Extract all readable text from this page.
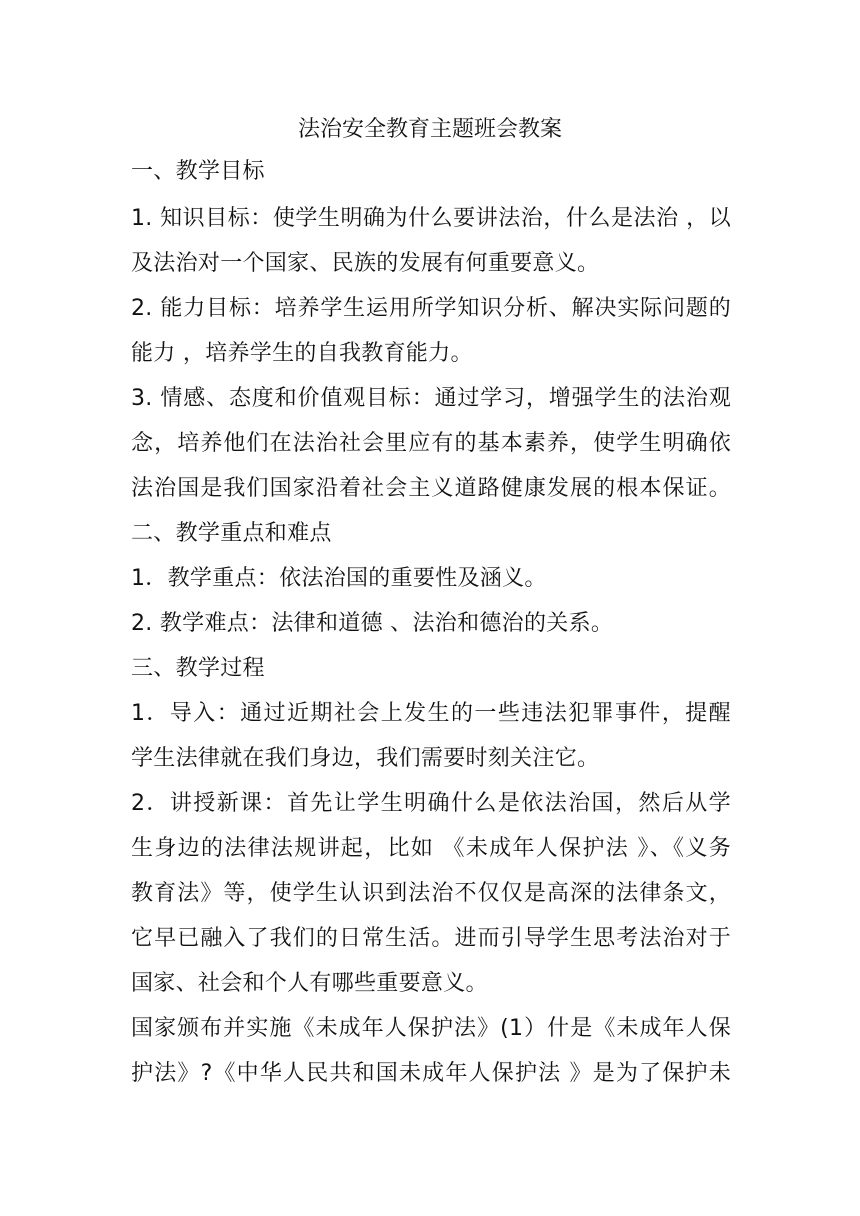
法治安全教育主题班会教案
一、教学目标
1. 知识目标：使学生明确为什么要讲法治，什么是法治 ，以
及法治对一个国家、民族的发展有何重要意义。
2. 能力目标：培养学生运用所学知识分析、解决实际问题的
能力 ，培养学生的自我教育能力。
3. 情感、态度和价值观目标：通过学习，增强学生的法治观
念，培养他们在法治社会里应有的基本素养，使学生明确依
法治国是我们国家沿着社会主义道路健康发展的根本保证。
二、教学重点和难点
1．教学重点：依法治国的重要性及涵义。
2. 教学难点：法律和道德 、法治和德治的关系。
三、教学过程
1．导入：通过近期社会上发生的一些违法犯罪事件，提醒
学生法律就在我们身边，我们需要时刻关注它。
2．讲授新课：首先让学生明确什么是依法治国，然后从学
生身边的法律法规讲起，比如 《未成年人保护法 》、《义务
教育法》等，使学生认识到法治不仅仅是高深的法律条文，
它早已融入了我们的日常生活。进而引导学生思考法治对于
国家、社会和个人有哪些重要意义。
国家颁布并实施《未成年人保护法》(1）什是《未成年人保
护法》?《中华人民共和国未成年人保护法 》是为了保护未
